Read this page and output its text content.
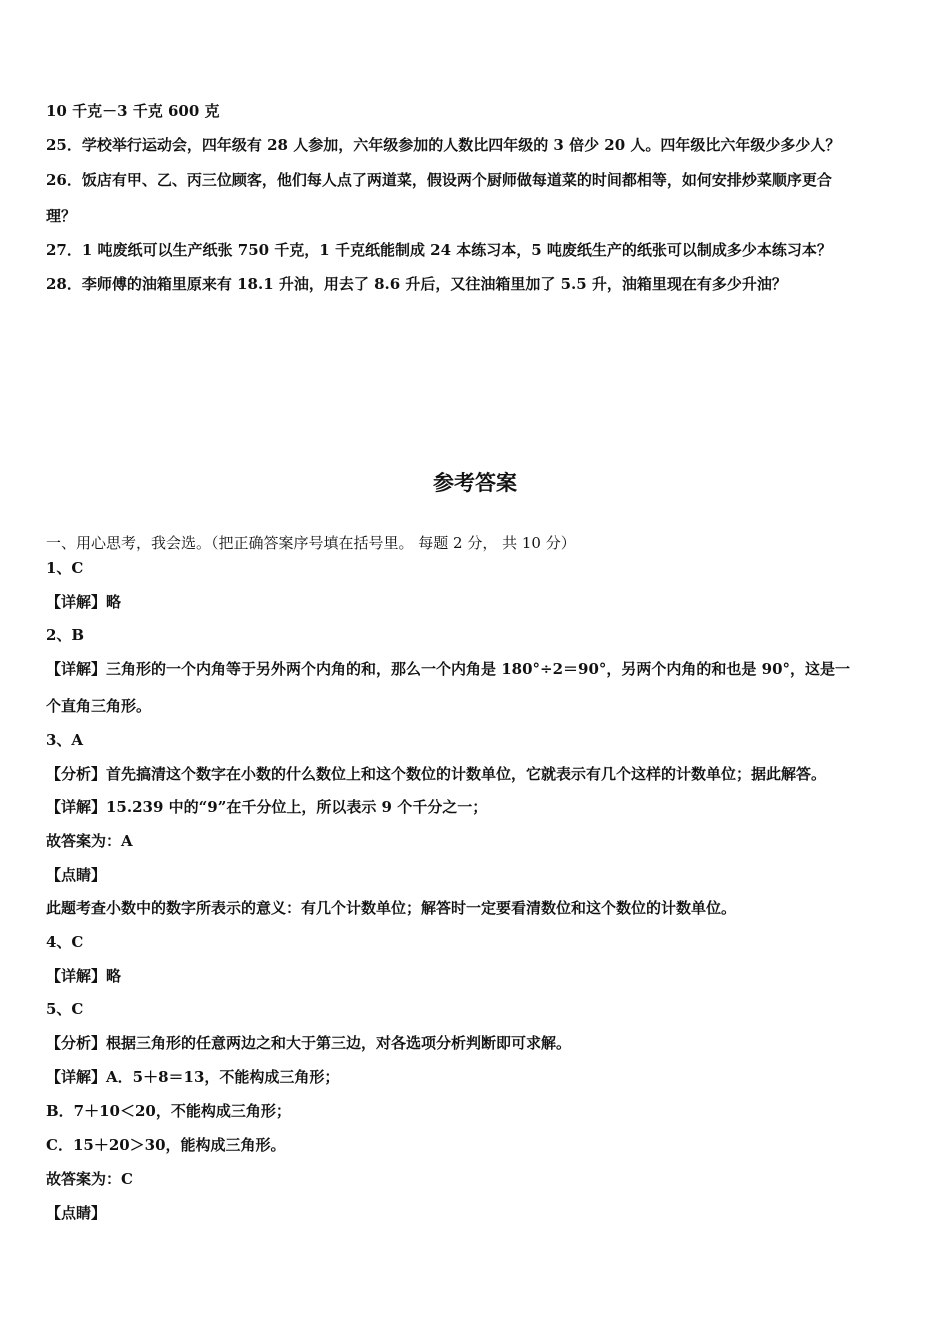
10 千克－3 千克 600 克
25．学校举行运动会，四年级有 28 人参加，六年级参加的人数比四年级的 3 倍少 20 人。四年级比六年级少多少人？
26．饭店有甲、乙、丙三位顾客，他们每人点了两道菜，假设两个厨师做每道菜的时间都相等，如何安排炒菜顺序更合
理？
27．1 吨废纸可以生产纸张 750 千克，1 千克纸能制成 24 本练习本，5 吨废纸生产的纸张可以制成多少本练习本？
28．李师傅的油箱里原来有 18.1 升油，用去了 8.6 升后，又往油箱里加了 5.5 升，油箱里现在有多少升油？
参考答案
一、用心思考，我会选。（把正确答案序号填在括号里。 每题 2 分， 共 10 分）
1、C
【详解】略
2、B
【详解】三角形的一个内角等于另外两个内角的和，那么一个内角是 180°÷2＝90°，另两个内角的和也是 90°，这是一
个直角三角形。
3、A
【分析】首先搞清这个数字在小数的什么数位上和这个数位的计数单位，它就表示有几个这样的计数单位；据此解答。
【详解】15.239 中的“9”在千分位上，所以表示 9 个千分之一；
故答案为：A
【点睛】
此题考查小数中的数字所表示的意义：有几个计数单位；解答时一定要看清数位和这个数位的计数单位。
4、C
【详解】略
5、C
【分析】根据三角形的任意两边之和大于第三边，对各选项分析判断即可求解。
【详解】A．5＋8＝13，不能构成三角形；
B．7＋10＜20，不能构成三角形；
C．15＋20＞30，能构成三角形。
故答案为：C
【点睛】
